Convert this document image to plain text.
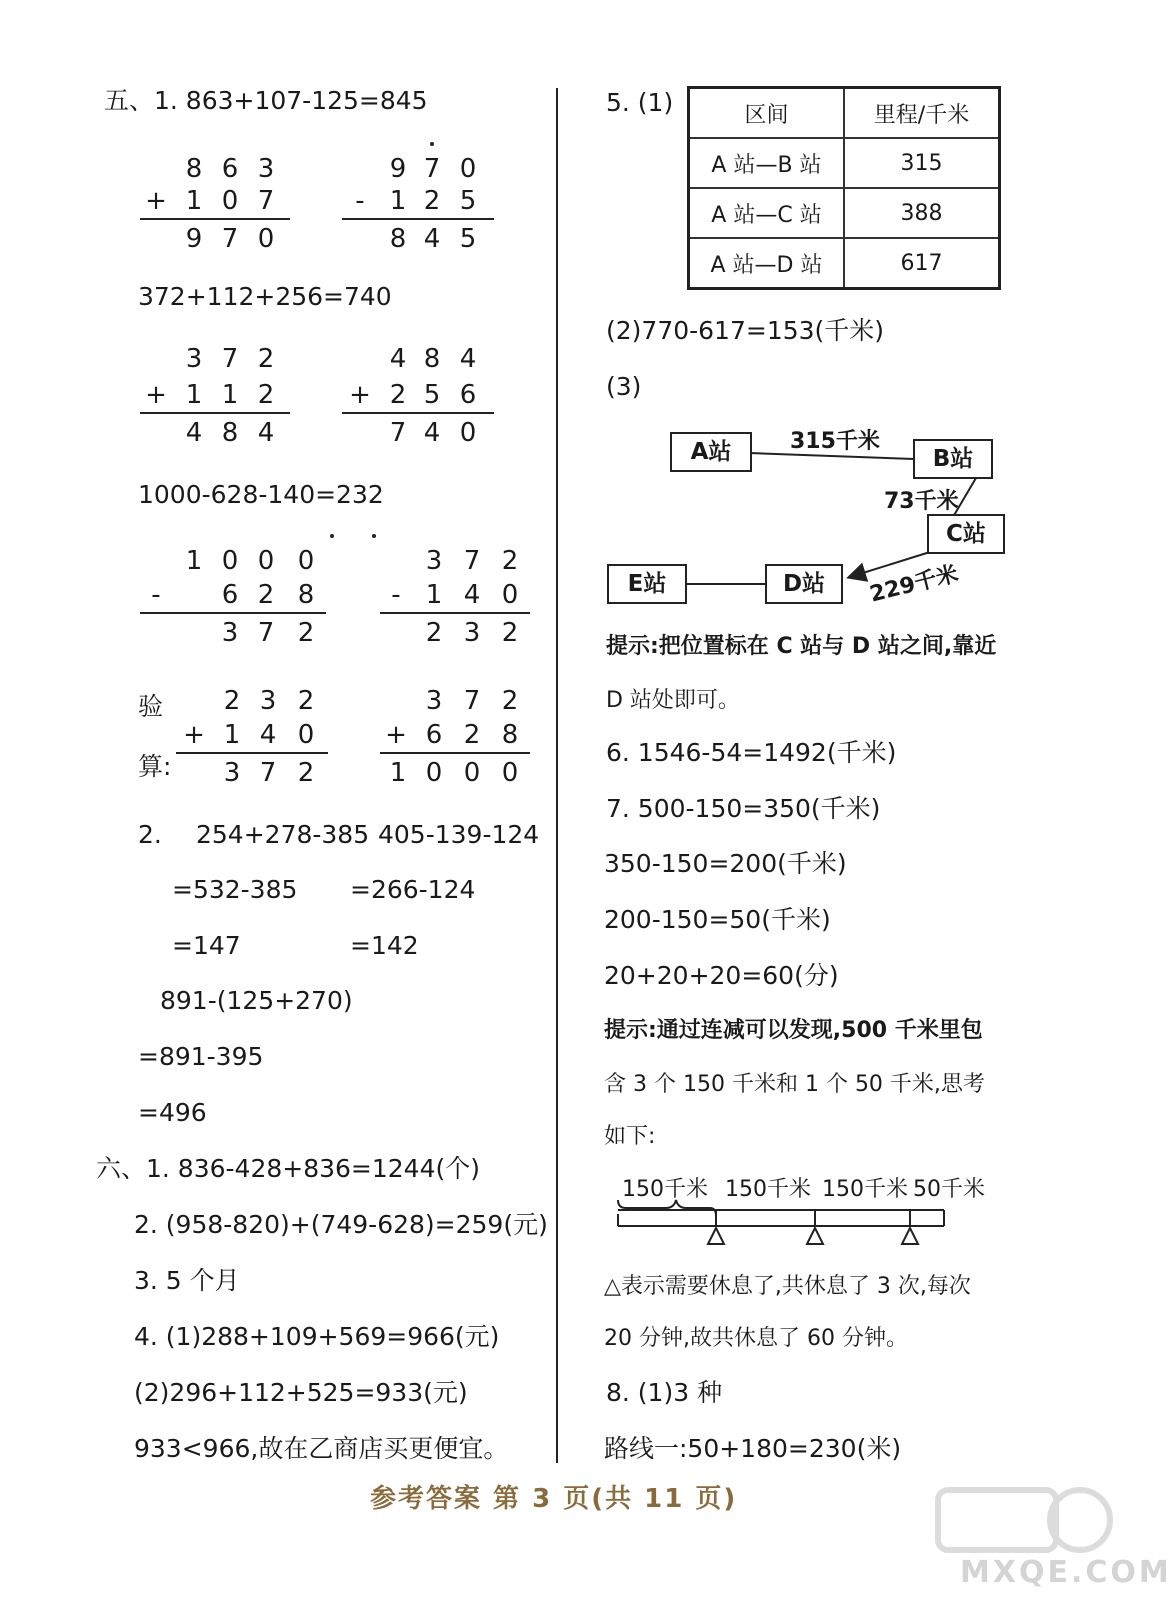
五、1. 863+107-125=845
8 6 3
+ 1 0 7
9 7 0
9 7 0
- 1 2 5
8 4 5
372+112+256=740
3 7 2
+ 1 1 2
4 8 4
4 8 4
+ 2 5 6
7 4 0
1000-628-140=232
1 0 0 0
-	6 2 8
3 7 2
3 7 2
- 1 4 0
2 3 2
验
算:
2 3 2
+ 1 4 0
3 7 2
3 7 2
+ 6 2 8
1 0 0 0
2. 254+278-385 405-139-124
=532-385 =266-124
=147	=142
891-(125+270)
=891-395
=496
六、1. 836-428+836=1244(个)
2. (958-820)+(749-628)=259(元)
3. 5 个月
4. (1)288+109+569=966(元)
(2)296+112+525=933(元)
933<966,故在乙商店买更便宜。
5. (1)	区间	里程/千米
A 站—B 站	315
A 站—C 站	388
A 站—D 站	617
(2)770-617=153(千米)
(3)
A站	B站
C站
D站
E站
315千米
73千米
229千米
提示:把位置标在 C 站与 D 站之间,靠近
D 站处即可。
6. 1546-54=1492(千米)
7. 500-150=350(千米)
350-150=200(千米)
200-150=50(千米)
20+20+20=60(分)
提示:通过连减可以发现,500 千米里包
含 3 个 150 千米和 1 个 50 千米,思考
如下:
150千米 150千米 150千米 50千米
△表示需要休息了,共休息了 3 次,每次
20 分钟,故共休息了 60 分钟。
8. (1)3 种
路线一:50+180=230(米)
参考答案 第 3 页(共 11 页)
MXQE.COM
